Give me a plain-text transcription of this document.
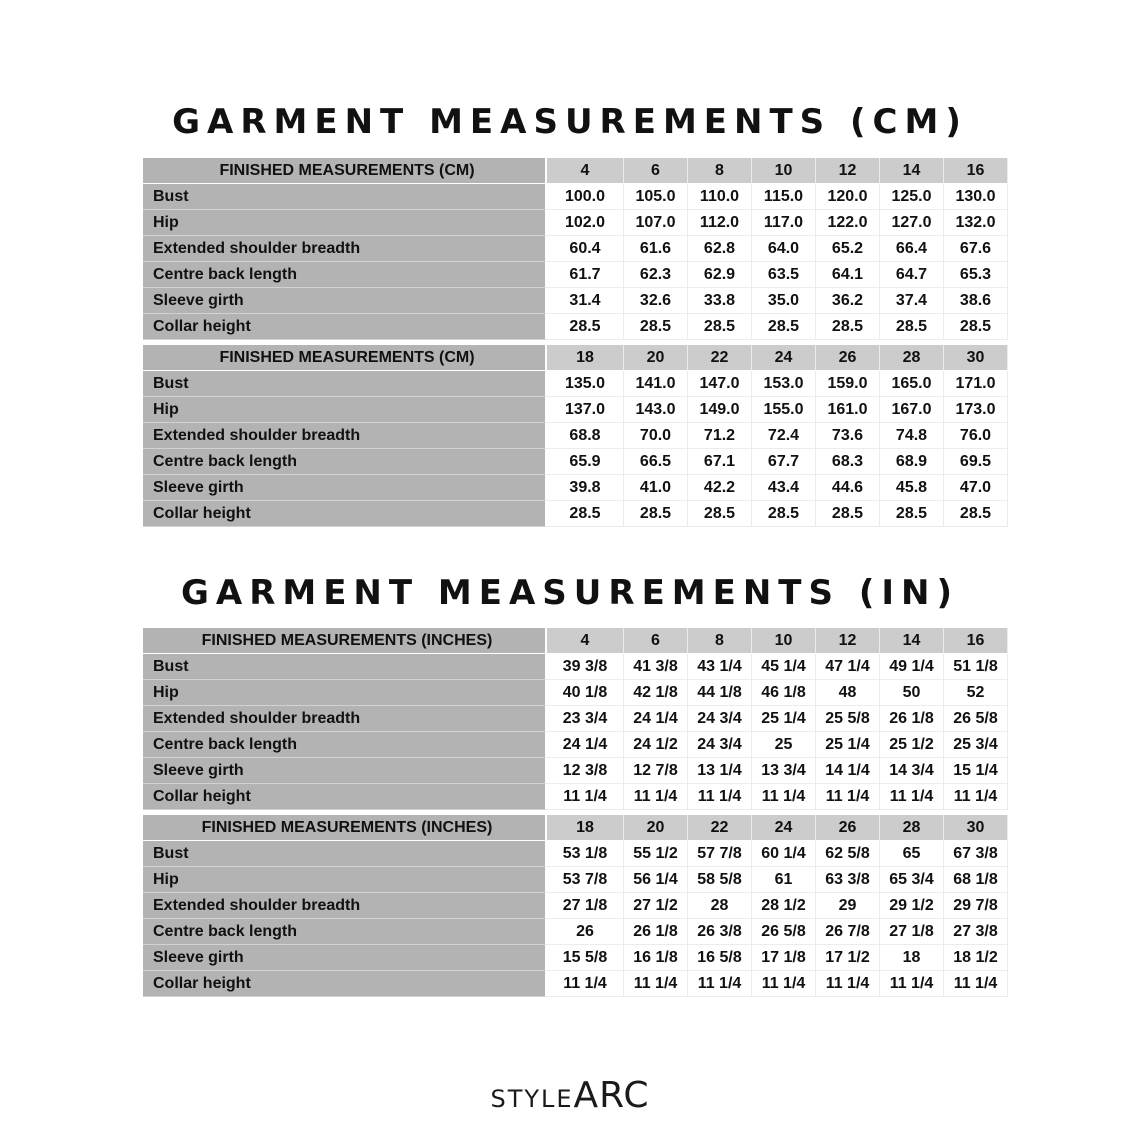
GARMENT MEASUREMENTS (CM)
FINISHED MEASUREMENTS (CM)	4	6	8	10	12	14	16
Bust	100.0	105.0	110.0	115.0	120.0	125.0	130.0
Hip	102.0	107.0	112.0	117.0	122.0	127.0	132.0
Extended shoulder breadth	60.4	61.6	62.8	64.0	65.2	66.4	67.6
Centre back length	61.7	62.3	62.9	63.5	64.1	64.7	65.3
Sleeve girth	31.4	32.6	33.8	35.0	36.2	37.4	38.6
Collar height	28.5	28.5	28.5	28.5	28.5	28.5	28.5

FINISHED MEASUREMENTS (CM)	18	20	22	24	26	28	30
Bust	135.0	141.0	147.0	153.0	159.0	165.0	171.0
Hip	137.0	143.0	149.0	155.0	161.0	167.0	173.0
Extended shoulder breadth	68.8	70.0	71.2	72.4	73.6	74.8	76.0
Centre back length	65.9	66.5	67.1	67.7	68.3	68.9	69.5
Sleeve girth	39.8	41.0	42.2	43.4	44.6	45.8	47.0
Collar height	28.5	28.5	28.5	28.5	28.5	28.5	28.5
GARMENT MEASUREMENTS (IN)
FINISHED MEASUREMENTS (INCHES)	4	6	8	10	12	14	16
Bust	39 3/8	41 3/8	43 1/4	45 1/4	47 1/4	49 1/4	51 1/8
Hip	40 1/8	42 1/8	44 1/8	46 1/8	48	50	52
Extended shoulder breadth	23 3/4	24 1/4	24 3/4	25 1/4	25 5/8	26 1/8	26 5/8
Centre back length	24 1/4	24 1/2	24 3/4	25	25 1/4	25 1/2	25 3/4
Sleeve girth	12 3/8	12 7/8	13 1/4	13 3/4	14 1/4	14 3/4	15 1/4
Collar height	11 1/4	11 1/4	11 1/4	11 1/4	11 1/4	11 1/4	11 1/4

FINISHED MEASUREMENTS (INCHES)	18	20	22	24	26	28	30
Bust	53 1/8	55 1/2	57 7/8	60 1/4	62 5/8	65	67 3/8
Hip	53 7/8	56 1/4	58 5/8	61	63 3/8	65 3/4	68 1/8
Extended shoulder breadth	27 1/8	27 1/2	28	28 1/2	29	29 1/2	29 7/8
Centre back length	26	26 1/8	26 3/8	26 5/8	26 7/8	27 1/8	27 3/8
Sleeve girth	15 5/8	16 1/8	16 5/8	17 1/8	17 1/2	18	18 1/2
Collar height	11 1/4	11 1/4	11 1/4	11 1/4	11 1/4	11 1/4	11 1/4
STYLEARC
